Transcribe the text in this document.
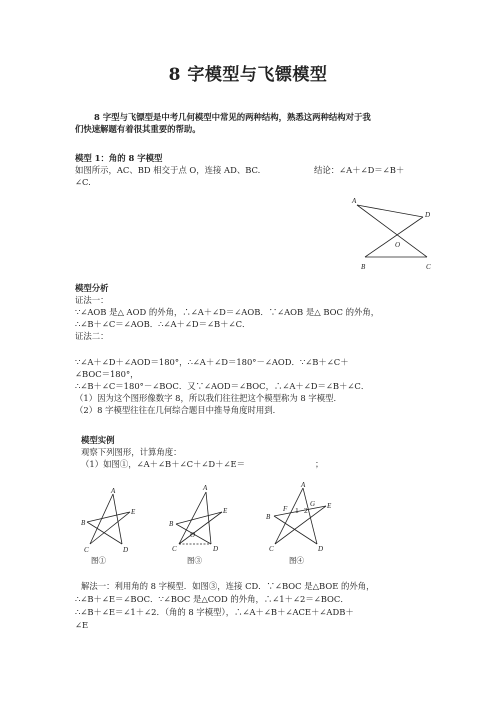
8 字模型与飞镖模型
8 字型与飞镖型是中考几何模型中常见的两种结构，熟悉这两种结构对于我
们快速解题有着很其重要的帮助。
模型 1：角的 8 字模型
如图所示，AC、BD 相交于点 O，连接 AD、BC.	结论：∠A＋∠D＝∠B＋
∠C.
A
D
O
B	C
模型分析
证法一：
∵∠AOB 是△ AOD 的外角，∴∠A＋∠D＝∠AOB．∵∠AOB 是△ BOC 的外角，
∴∠B＋∠C＝∠AOB．∴∠A＋∠D＝∠B＋∠C．
证法二：
∵∠A＋∠D＋∠AOD＝180°，∴∠A＋∠D＝180°－∠AOD．∵∠B＋∠C＋
∠BOC＝180°，
∴∠B＋∠C＝180°－∠BOC．又∵∠AOD＝∠BOC，∴∠A＋∠D＝∠B＋∠C．
（1）因为这个图形像数字 8，所以我们往往把这个模型称为 8 字模型．
（2）8 字模型往往在几何综合题目中推导角度时用到．
模型实例
观察下列图形，计算角度：
（1）如图①，∠A＋∠B＋∠C＋∠D＋∠E＝	；
A
B
E
C	D
图①
A
B
E
O
C	D
图③
A
F 1 2
G E
B
C	D
图④
解法一：利用角的 8 字模型．如图③，连接 CD．∵∠BOC 是△BOE 的外角，
∴∠B＋∠E＝∠BOC．∵∠BOC 是△COD 的外角，∴∠1＋∠2＝∠BOC．
∴∠B＋∠E＝∠1＋∠2．（角的 8 字模型），∴∠A＋∠B＋∠ACE＋∠ADB＋
∠E
